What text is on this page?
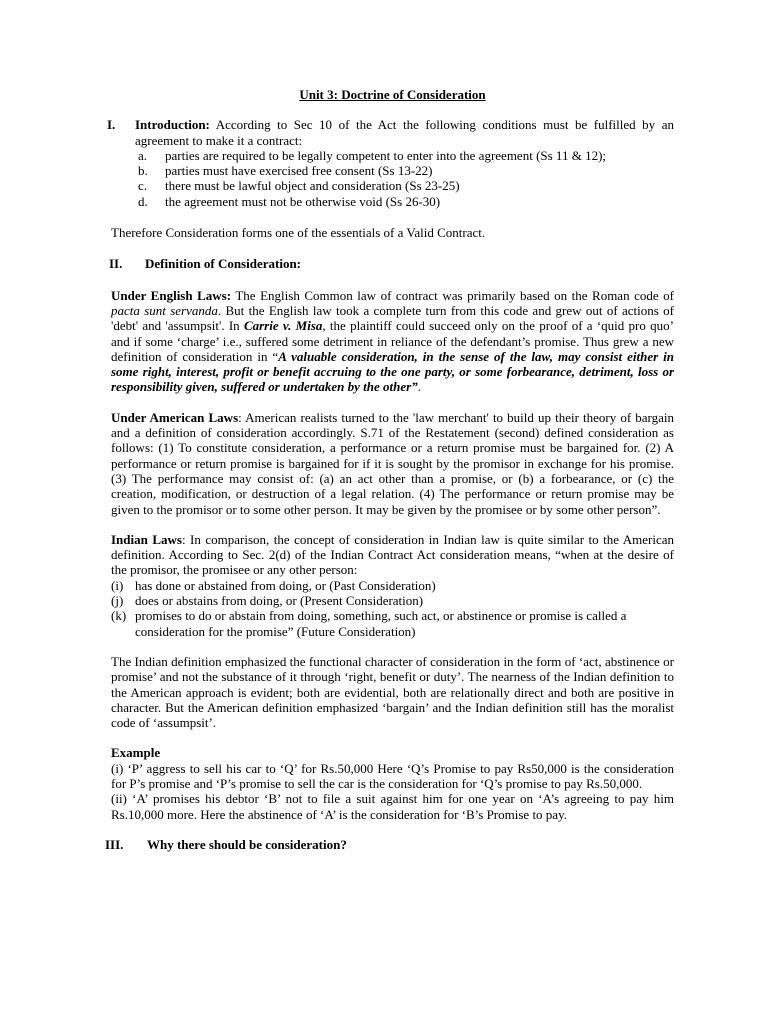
Unit 3: Doctrine of Consideration
I.	Introduction: According to Sec 10 of the Act the following conditions must be fulfilled by an agreement to make it a contract:
a.	parties are required to be legally competent to enter into the agreement (Ss 11 & 12);
b.	parties must have exercised free consent (Ss 13-22)
c.	there must be lawful object and consideration (Ss 23-25)
d.	the agreement must not be otherwise void (Ss 26-30)

Therefore Consideration forms one of the essentials of a Valid Contract.

II.	Definition of Consideration:

Under English Laws: The English Common law of contract was primarily based on the Roman code of pacta sunt servanda. But the English law took a complete turn from this code and grew out of actions of 'debt' and 'assumpsit'. In Carrie v. Misa, the plaintiff could succeed only on the proof of a ‘quid pro quo’ and if some ‘charge’ i.e., suffered some detriment in reliance of the defendant’s promise. Thus grew a new definition of consideration in “A valuable consideration, in the sense of the law, may consist either in some right, interest, profit or benefit accruing to the one party, or some forbearance, detriment, loss or responsibility given, suffered or undertaken by the other”.

Under American Laws: American realists turned to the 'law merchant' to build up their theory of bargain and a definition of consideration accordingly. S.71 of the Restatement (second) defined consideration as follows: (1) To constitute consideration, a performance or a return promise must be bargained for. (2) A performance or return promise is bargained for if it is sought by the promisor in exchange for his promise. (3) The performance may consist of: (a) an act other than a promise, or (b) a forbearance, or (c) the creation, modification, or destruction of a legal relation. (4) The performance or return promise may be given to the promisor or to some other person. It may be given by the promisee or by some other person”.

Indian Laws: In comparison, the concept of consideration in Indian law is quite similar to the American definition. According to Sec. 2(d) of the Indian Contract Act consideration means, “when at the desire of the promisor, the promisee or any other person:

(i) has done or abstained from doing, or (Past Consideration)
(j) does or abstains from doing, or (Present Consideration)
(k) promises to do or abstain from doing, something, such act, or abstinence or promise is called a consideration for the promise” (Future Consideration)

The Indian definition emphasized the functional character of consideration in the form of ‘act, abstinence or promise’ and not the substance of it through ‘right, benefit or duty’. The nearness of the Indian definition to the American approach is evident; both are evidential, both are relationally direct and both are positive in character. But the American definition emphasized ‘bargain’ and the Indian definition still has the moralist code of ‘assumpsit’.

Example

(i) ‘P’ aggress to sell his car to ‘Q’ for Rs.50,000 Here ‘Q’s Promise to pay Rs50,000 is the consideration for P’s promise and ‘P’s promise to sell the car is the consideration for ‘Q’s promise to pay Rs.50,000.

(ii) ‘A’ promises his debtor ‘B’ not to file a suit against him for one year on ‘A’s agreeing to pay him Rs.10,000 more. Here the abstinence of ‘A’ is the consideration for ‘B’s Promise to pay.

III.	Why there should be consideration?
